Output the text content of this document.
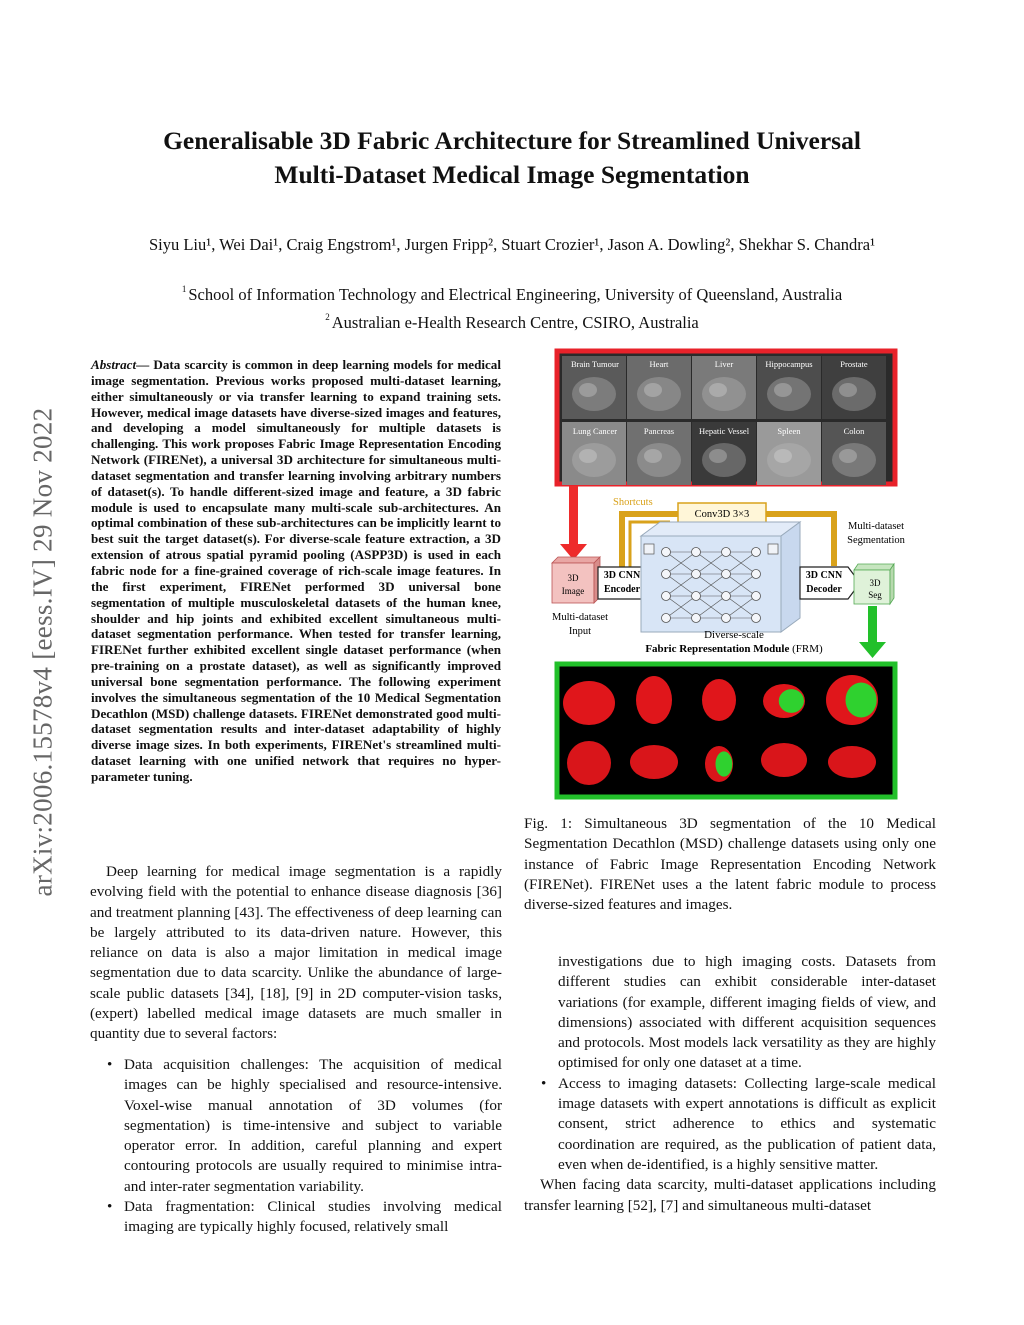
arXiv:2006.15578v4 [eess.IV] 29 Nov 2022
Generalisable 3D Fabric Architecture for Streamlined Universal
Multi-Dataset Medical Image Segmentation
Siyu Liu¹, Wei Dai¹, Craig Engstrom¹, Jurgen Fripp², Stuart Crozier¹, Jason A. Dowling², Shekhar S. Chandra¹
$^1$ School of Information Technology and Electrical Engineering, University of Queensland, Australia
$^2$ Australian e-Health Research Centre, CSIRO, Australia
Abstract— Data scarcity is common in deep learning models for medical image segmentation. Previous works proposed multi-dataset learning, either simultaneously or via transfer learning to expand training sets. However, medical image datasets have diverse-sized images and features, and developing a model simultaneously for multiple datasets is challenging. This work proposes Fabric Image Representation Encoding Network (FIRENet), a universal 3D architecture for simultaneous multi-dataset segmentation and transfer learning involving arbitrary numbers of dataset(s). To handle different-sized image and feature, a 3D fabric module is used to encapsulate many multi-scale sub-architectures. An optimal combination of these sub-architectures can be implicitly learnt to best suit the target dataset(s). For diverse-scale feature extraction, a 3D extension of atrous spatial pyramid pooling (ASPP3D) is used in each fabric node for a fine-grained coverage of rich-scale image features. In the first experiment, FIRENet performed 3D universal bone segmentation of multiple musculoskeletal datasets of the human knee, shoulder and hip joints and exhibited excellent simultaneous multi-dataset segmentation performance. When tested for transfer learning, FIRENet further exhibited excellent single dataset performance (when pre-training on a prostate dataset), as well as significantly improved universal bone segmentation performance. The following experiment involves the simultaneous segmentation of the 10 Medical Segmentation Decathlon (MSD) challenge datasets. FIRENet demonstrated good multi-dataset segmentation results and inter-dataset adaptability of highly diverse image sizes. In both experiments, FIRENet's streamlined multi-dataset learning with one unified network that requires no hyper-parameter tuning.
Deep learning for medical image segmentation is a rapidly evolving field with the potential to enhance disease diagnosis [36] and treatment planning [43]. The effectiveness of deep learning can be largely attributed to its data-driven nature. However, this reliance on data is also a major limitation in medical image segmentation due to data scarcity. Unlike the abundance of large-scale public datasets [34], [18], [9] in 2D computer-vision tasks, (expert) labelled medical image datasets are much smaller in quantity due to several factors:
• Data acquisition challenges: The acquisition of medical images can be highly specialised and resource-intensive. Voxel-wise manual annotation of 3D volumes (for segmentation) is time-intensive and subject to variable operator error. In addition, careful planning and expert contouring protocols are usually required to minimise intra- and inter-rater segmentation variability.
• Data fragmentation: Clinical studies involving medical imaging are typically highly focused, relatively small
investigations due to high imaging costs. Datasets from different studies can exhibit considerable inter-dataset variations (for example, different imaging fields of view, and dimensions) associated with different acquisition sequences and protocols. Most models lack versatility as they are highly optimised for only one dataset at a time.
• Access to imaging datasets: Collecting large-scale medical image datasets with expert annotations is difficult as explicit consent, strict adherence to ethics and systematic coordination are required, as the publication of patient data, even when de-identified, is a highly sensitive matter.
When facing data scarcity, multi-dataset applications including transfer learning [52], [7] and simultaneous multi-dataset
Fig. 1: Simultaneous 3D segmentation of the 10 Medical Segmentation Decathlon (MSD) challenge datasets using only one instance of Fabric Image Representation Encoding Network (FIRENet). FIRENet uses a the latent fabric module to process diverse-sized features and images.
Brain Tumour	Heart	Liver	Hippocampus	Prostate
Lung Cancer	Pancreas	Hepatic Vessel	Spleen	Colon
Shortcuts
Conv3D 3×3
3D
Image
Multi-dataset
Input
3D CNN
Encoder
Diverse-scale
Fabric Representation Module (FRM)
3D CNN
Decoder
3D
Seg
Multi-dataset
Segmentation
